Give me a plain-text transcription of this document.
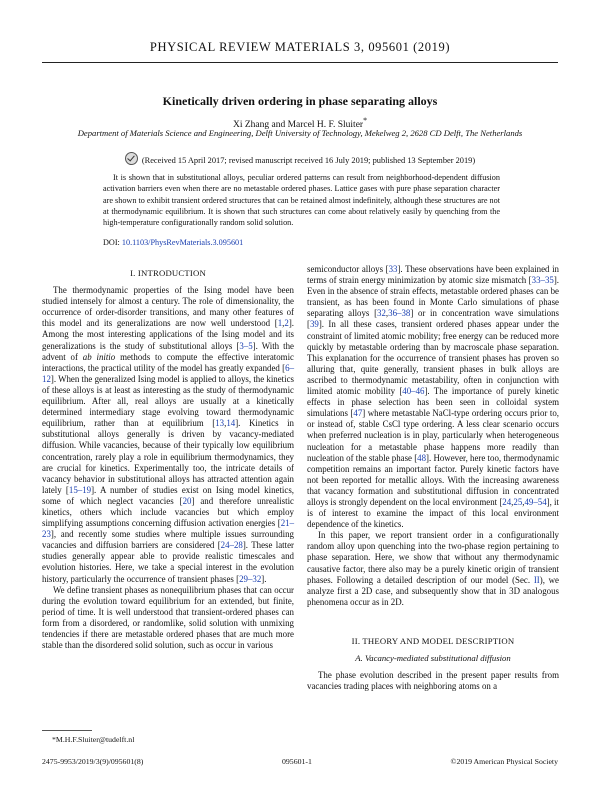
PHYSICAL REVIEW MATERIALS 3, 095601 (2019)
Kinetically driven ordering in phase separating alloys
Xi Zhang and Marcel H. F. Sluiter*
Department of Materials Science and Engineering, Delft University of Technology, Mekelweg 2, 2628 CD Delft, The Netherlands
(Received 15 April 2017; revised manuscript received 16 July 2019; published 13 September 2019)
It is shown that in substitutional alloys, peculiar ordered patterns can result from neighborhood-dependent diffusion activation barriers even when there are no metastable ordered phases. Lattice gases with pure phase separation character are shown to exhibit transient ordered structures that can be retained almost indefinitely, although these structures are not at thermodynamic equilibrium. It is shown that such structures can come about relatively easily by quenching from the high-temperature configurationally random solid solution.
DOI: 10.1103/PhysRevMaterials.3.095601
I. INTRODUCTION

The thermodynamic properties of the Ising model have been studied intensely for almost a century. The role of dimensionality, the occurrence of order-disorder transitions, and many other features of this model and its generalizations are now well understood [1,2]. Among the most interesting applications of the Ising model and its generalizations is the study of substitutional alloys [3–5]. With the advent of ab initio methods to compute the effective interatomic interactions, the practical utility of the model has greatly expanded [6–12]. When the generalized Ising model is applied to alloys, the kinetics of these alloys is at least as interesting as the study of thermodynamic equilibrium. After all, real alloys are usually at a kinetically determined intermediary stage evolving toward thermodynamic equilibrium, rather than at equilibrium [13,14]. Kinetics in substitutional alloys generally is driven by vacancy-mediated diffusion. While vacancies, because of their typically low equilibrium concentration, rarely play a role in equilibrium thermodynamics, they are crucial for kinetics. Experimentally too, the intricate details of vacancy behavior in substitutional alloys has attracted attention again lately [15–19]. A number of studies exist on Ising model kinetics, some of which neglect vacancies [20] and therefore unrealistic kinetics, others which include vacancies but which employ simplifying assumptions concerning diffusion activation energies [21–23], and recently some studies where multiple issues surrounding vacancies and diffusion barriers are considered [24–28]. These latter studies generally appear able to provide realistic timescales and evolution histories. Here, we take a special interest in the evolution history, particularly the occurrence of transient phases [29–32].

We define transient phases as nonequilibrium phases that can occur during the evolution toward equilibrium for an extended, but finite, period of time. It is well understood that transient-ordered phases can form from a disordered, or randomlike, solid solution with unmixing tendencies if there are metastable ordered phases that are much more stable than the disordered solid solution, such as occur in various

semiconductor alloys [33]. These observations have been explained in terms of strain energy minimization by atomic size mismatch [33–35]. Even in the absence of strain effects, metastable ordered phases can be transient, as has been found in Monte Carlo simulations of phase separating alloys [32,36–38] or in concentration wave simulations [39]. In all these cases, transient ordered phases appear under the constraint of limited atomic mobility; free energy can be reduced more quickly by metastable ordering than by macroscale phase separation. This explanation for the occurrence of transient phases has proven so alluring that, quite generally, transient phases in bulk alloys are ascribed to thermodynamic metastability, often in conjunction with limited atomic mobility [40–46]. The importance of purely kinetic effects in phase selection has been seen in colloidal system simulations [47] where metastable NaCl-type ordering occurs prior to, or instead of, stable CsCl type ordering. A less clear scenario occurs when preferred nucleation is in play, particularly when heterogeneous nucleation for a metastable phase happens more readily than nucleation of the stable phase [48]. However, here too, thermodynamic competition remains an important factor. Purely kinetic factors have not been reported for metallic alloys. With the increasing awareness that vacancy formation and substitutional diffusion in concentrated alloys is strongly dependent on the local environment [24,25,49–54], it is of interest to examine the impact of this local environment dependence of the kinetics.

In this paper, we report transient order in a configurationally random alloy upon quenching into the two-phase region pertaining to phase separation. Here, we show that without any thermodynamic causative factor, there also may be a purely kinetic origin of transient phases. Following a detailed description of our model (Sec. II), we analyze first a 2D case, and subsequently show that in 3D analogous phenomena occur as in 2D.

II. THEORY AND MODEL DESCRIPTION
A. Vacancy-mediated substitutional diffusion

The phase evolution described in the present paper results from vacancies trading places with neighboring atoms on a

*M.H.F.Sluiter@tudelft.nl
2475-9953/2019/3(9)/095601(8)	095601-1	©2019 American Physical Society
